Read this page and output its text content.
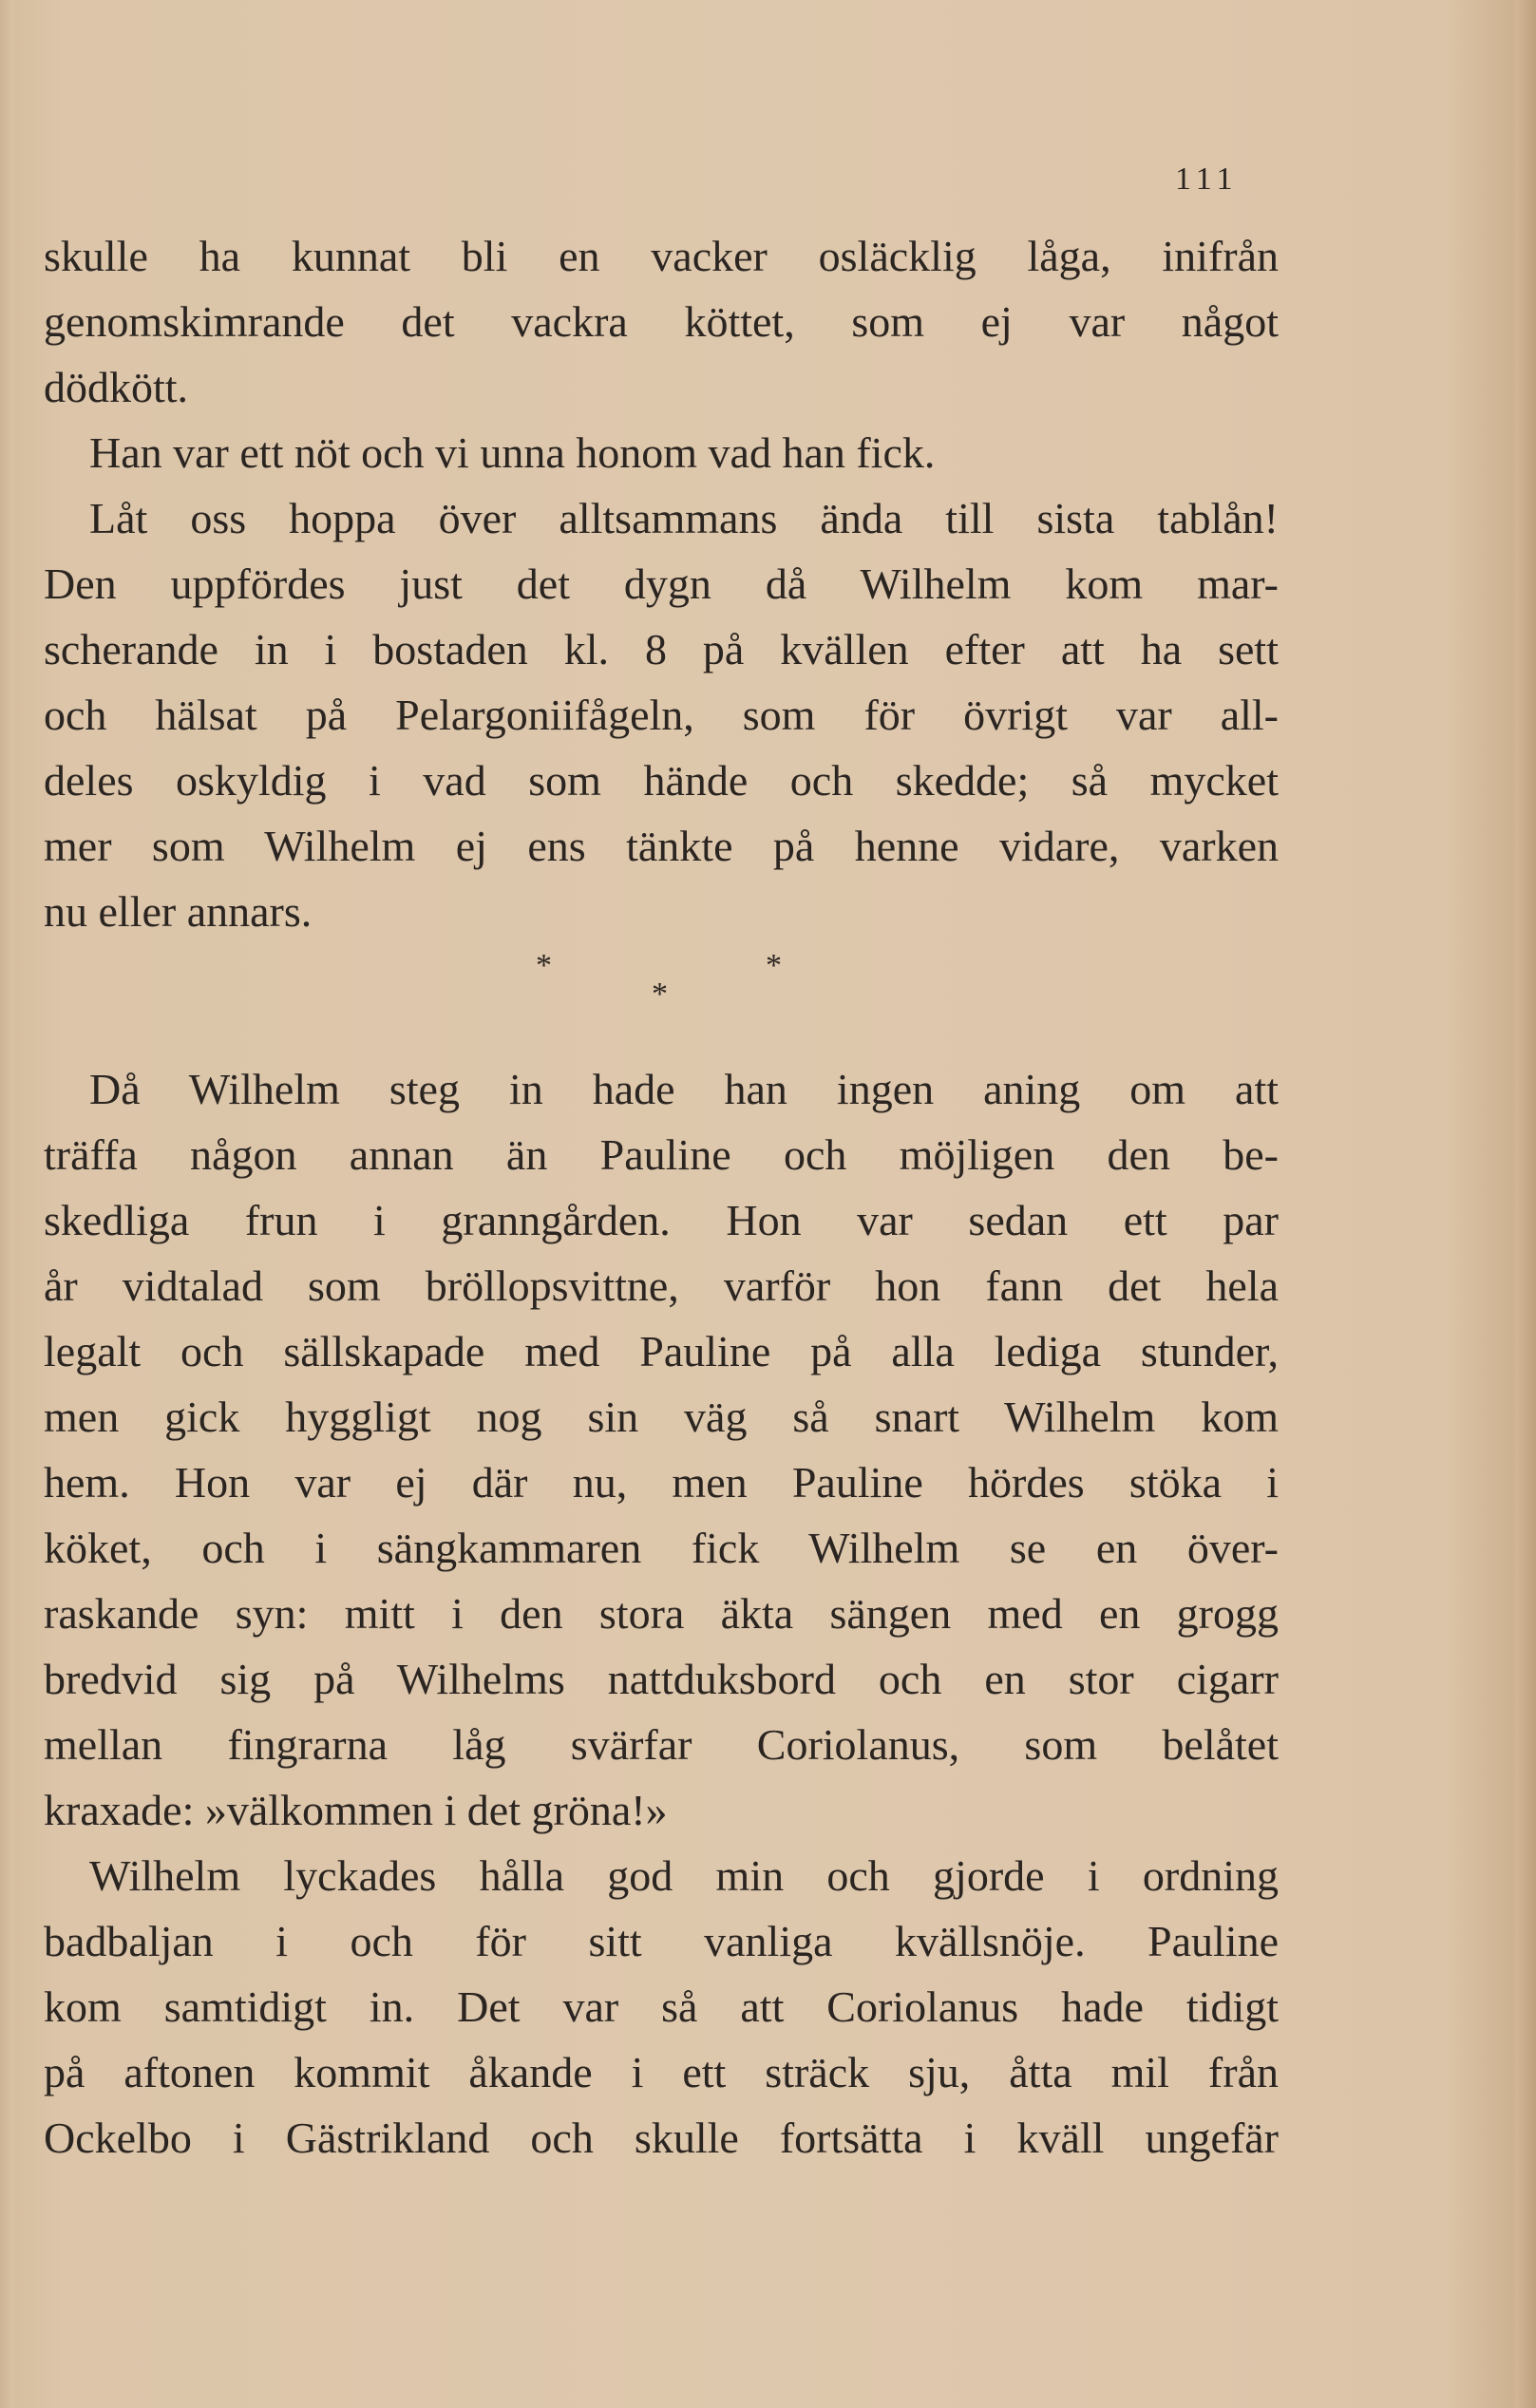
111

skulle ha kunnat bli en vacker osläcklig låga, inifrån
genomskimrande det vackra köttet, som ej var något
dödkött.
Han var ett nöt och vi unna honom vad han fick.
Låt oss hoppa över alltsammans ända till sista tablån!
Den uppfördes just det dygn då Wilhelm kom mar-
scherande in i bostaden kl. 8 på kvällen efter att ha sett
och hälsat på Pelargoniifågeln, som för övrigt var all-
deles oskyldig i vad som hände och skedde; så mycket
mer som Wilhelm ej ens tänkte på henne vidare, varken
nu eller annars.
*	*
*
Då Wilhelm steg in hade han ingen aning om att
träffa någon annan än Pauline och möjligen den be-
skedliga frun i granngården. Hon var sedan ett par
år vidtalad som bröllopsvittne, varför hon fann det hela
legalt och sällskapade med Pauline på alla lediga stunder,
men gick hyggligt nog sin väg så snart Wilhelm kom
hem. Hon var ej där nu, men Pauline hördes stöka i
köket, och i sängkammaren fick Wilhelm se en över-
raskande syn: mitt i den stora äkta sängen med en grogg
bredvid sig på Wilhelms nattduksbord och en stor cigarr
mellan fingrarna låg svärfar Coriolanus, som belåtet
kraxade: »välkommen i det gröna!»
Wilhelm lyckades hålla god min och gjorde i ordning
badbaljan i och för sitt vanliga kvällsnöje. Pauline
kom samtidigt in. Det var så att Coriolanus hade tidigt
på aftonen kommit åkande i ett sträck sju, åtta mil från
Ockelbo i Gästrikland och skulle fortsätta i kväll ungefär
